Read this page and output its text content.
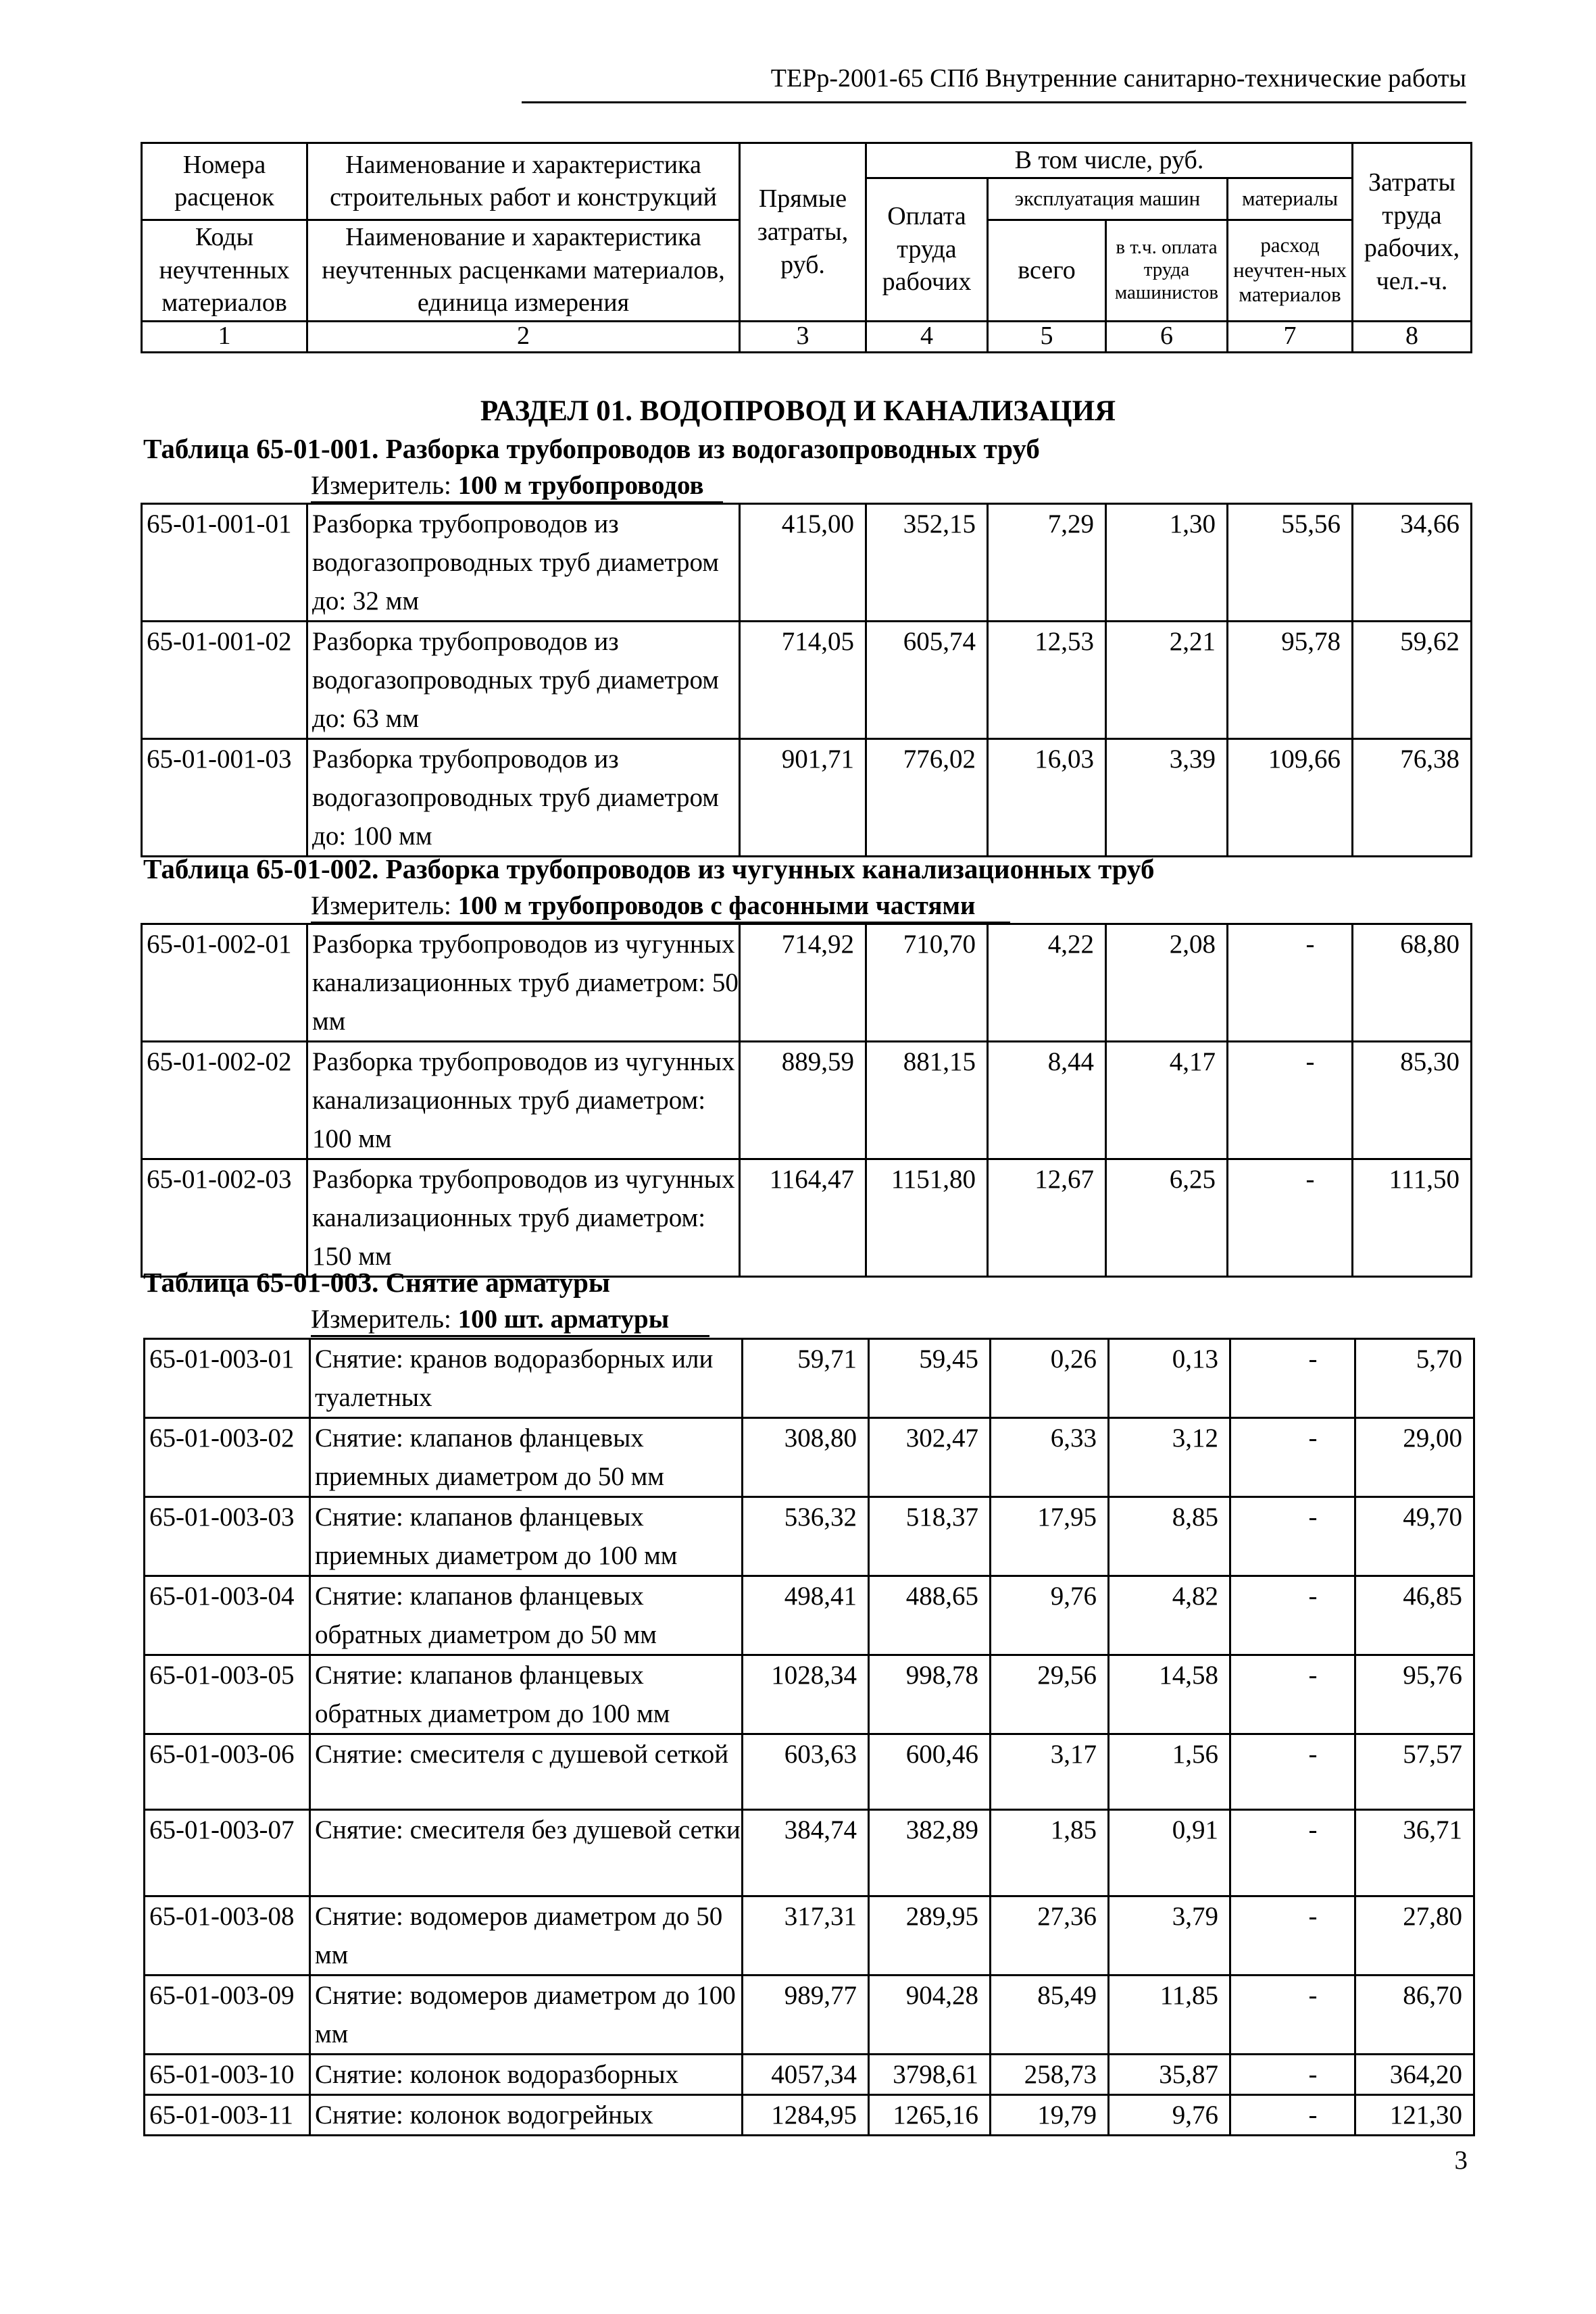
ТЕРр-2001-65 СПб Внутренние санитарно-технические работы
Номера расценок	Наименование и характеристика строительных работ и конструкций	Прямые затраты, руб.	В том числе, руб.				Затраты труда рабочих, чел.-ч.
			Оплата труда рабочих	эксплуатация машин		материалы	
Коды неучтенных материалов	Наименование и характеристика неучтенных расценками материалов, единица измерения			всего	в т.ч. оплата труда машинистов	расход неучтен-ных материалов	

1	2	3	4	5	6	7	8
РАЗДЕЛ 01. ВОДОПРОВОД И КАНАЛИЗАЦИЯ
Таблица 65-01-001. Разборка трубопроводов из водогазопроводных труб
Измеритель: 100 м трубопроводов
65-01-001-01	Разборка трубопроводов из водогазопроводных труб диаметром до: 32 мм	415,00	352,15	7,29	1,30	55,56	34,66
65-01-001-02	Разборка трубопроводов из водогазопроводных труб диаметром до: 63 мм	714,05	605,74	12,53	2,21	95,78	59,62
65-01-001-03	Разборка трубопроводов из водогазопроводных труб диаметром до: 100 мм	901,71	776,02	16,03	3,39	109,66	76,38
Таблица 65-01-002. Разборка трубопроводов из чугунных канализационных труб
Измеритель: 100 м трубопроводов с фасонными частями
65-01-002-01	Разборка трубопроводов из чугунных канализационных труб диаметром: 50 мм	714,92	710,70	4,22	2,08	-	68,80
65-01-002-02	Разборка трубопроводов из чугунных канализационных труб диаметром: 100 мм	889,59	881,15	8,44	4,17	-	85,30
65-01-002-03	Разборка трубопроводов из чугунных канализационных труб диаметром: 150 мм	1164,47	1151,80	12,67	6,25	-	111,50
Таблица 65-01-003. Снятие арматуры
Измеритель: 100 шт. арматуры
65-01-003-01	Снятие: кранов водоразборных или туалетных	59,71	59,45	0,26	0,13	-	5,70
65-01-003-02	Снятие: клапанов фланцевых приемных диаметром до 50 мм	308,80	302,47	6,33	3,12	-	29,00
65-01-003-03	Снятие: клапанов фланцевых приемных диаметром до 100 мм	536,32	518,37	17,95	8,85	-	49,70
65-01-003-04	Снятие: клапанов фланцевых обратных диаметром до 50 мм	498,41	488,65	9,76	4,82	-	46,85
65-01-003-05	Снятие: клапанов фланцевых обратных диаметром до 100 мм	1028,34	998,78	29,56	14,58	-	95,76
65-01-003-06	Снятие: смесителя с душевой сеткой	603,63	600,46	3,17	1,56	-	57,57
65-01-003-07	Снятие: смесителя без душевой сетки	384,74	382,89	1,85	0,91	-	36,71
65-01-003-08	Снятие: водомеров диаметром до 50 мм	317,31	289,95	27,36	3,79	-	27,80
65-01-003-09	Снятие: водомеров диаметром до 100 мм	989,77	904,28	85,49	11,85	-	86,70
65-01-003-10	Снятие: колонок водоразборных	4057,34	3798,61	258,73	35,87	-	364,20
65-01-003-11	Снятие: колонок водогрейных	1284,95	1265,16	19,79	9,76	-	121,30
3
